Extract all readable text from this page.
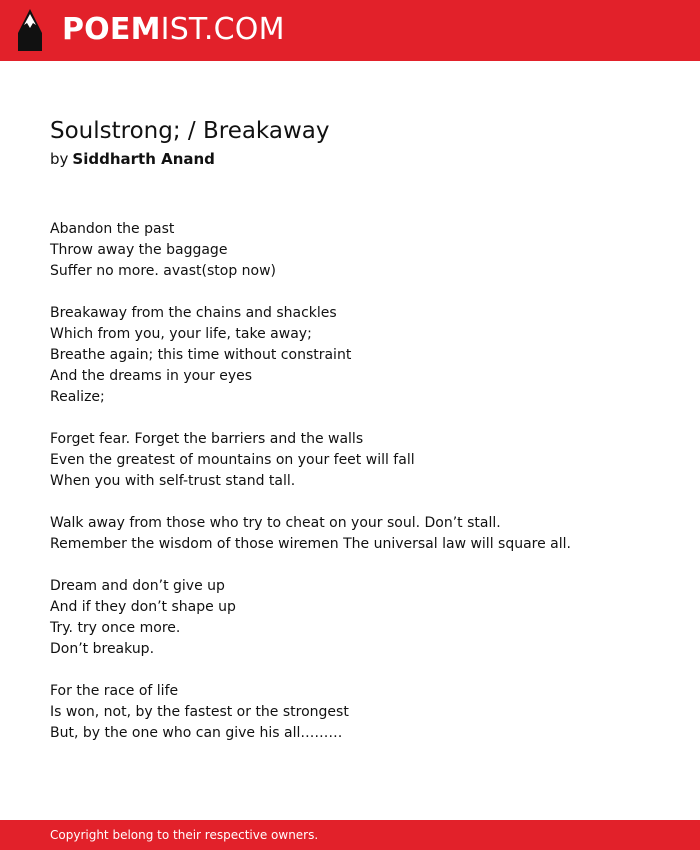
POEMIST.COM
Soulstrong; / Breakaway
by Siddharth Anand
Abandon the past
Throw away the baggage
Suffer no more. avast(stop now)
Breakaway from the chains and shackles
Which from you, your life, take away;
Breathe again; this time without constraint
And the dreams in your eyes
Realize;
Forget fear. Forget the barriers and the walls
Even the greatest of mountains on your feet will fall
When you with self-trust stand tall.
Walk away from those who try to cheat on your soul. Don’t stall.
Remember the wisdom of those wiremen The universal law will square all.
Dream and don’t give up
And if they don’t shape up
Try. try once more.
Don’t breakup.
For the race of life
Is won, not, by the fastest or the strongest
But, by the one who can give his all………
Copyright belong to their respective owners.
